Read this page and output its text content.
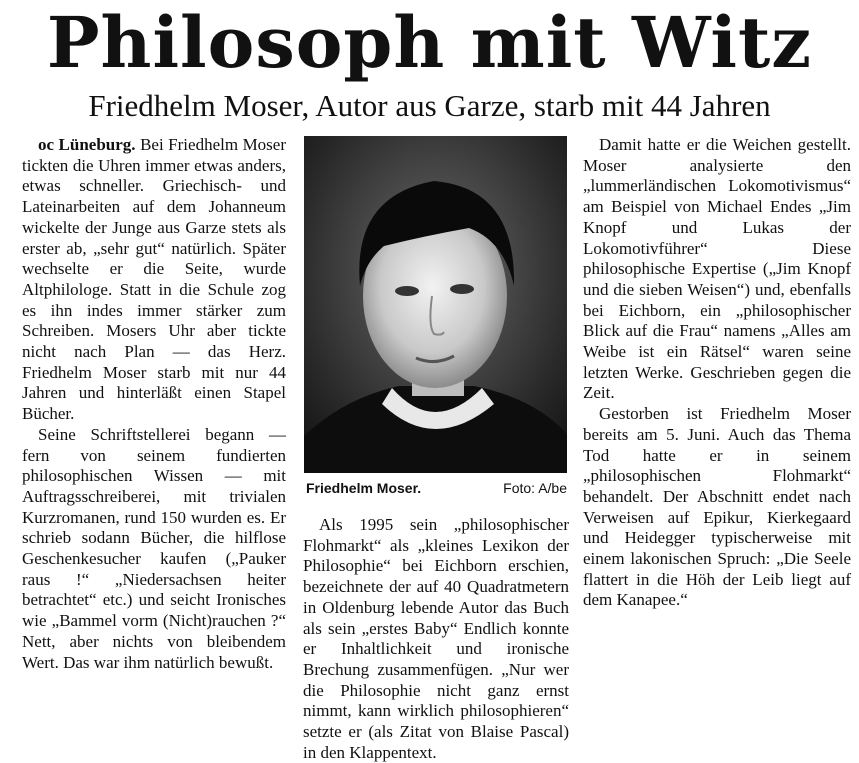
Philosoph mit Witz
Friedhelm Moser, Autor aus Garze, starb mit 44 Jahren

oc Lüneburg. Bei Friedhelm Moser tickten die Uhren immer etwas anders, etwas schneller. Griechisch- und Lateinarbeiten auf dem Johanneum wickelte der Junge aus Garze stets als erster ab, „sehr gut“ natürlich. Später wechselte er die Seite, wurde Altphilologe. Statt in die Schule zog es ihn indes immer stärker zum Schreiben. Mosers Uhr aber tickte nicht nach Plan — das Herz. Friedhelm Moser starb mit nur 44 Jahren und hinterläßt einen Stapel Bücher.

Seine Schriftstellerei begann — fern von seinem fundierten philosophischen Wissen — mit Auftragsschreiberei, mit trivialen Kurzromanen, rund 150 wurden es. Er schrieb sodann Bücher, die hilflose Geschenkesucher kaufen („Pauker raus !“ „Niedersachsen heiter betrachtet“ etc.) und seicht Ironisches wie „Bammel vorm (Nicht)rauchen ?“ Nett, aber nichts von bleibendem Wert. Das war ihm natürlich bewußt.

Friedhelm Moser.	Foto: A/be

Als 1995 sein „philosophischer Flohmarkt“ als „kleines Lexikon der Philosophie“ bei Eichborn erschien, bezeichnete der auf 40 Quadratmetern in Oldenburg lebende Autor das Buch als sein „erstes Baby“ Endlich konnte er Inhaltlichkeit und ironische Brechung zusammenfügen. „Nur wer die Philosophie nicht ganz ernst nimmt, kann wirklich philosophieren“ setzte er (als Zitat von Blaise Pascal) in den Klappentext.

Damit hatte er die Weichen gestellt. Moser analysierte den „lummerländischen Lokomotivismus“ am Beispiel von Michael Endes „Jim Knopf und Lukas der Lokomotivführer“ Diese philosophische Expertise („Jim Knopf und die sieben Weisen“) und, ebenfalls bei Eichborn, ein „philosophischer Blick auf die Frau“ namens „Alles am Weibe ist ein Rätsel“ waren seine letzten Werke. Geschrieben gegen die Zeit.

Gestorben ist Friedhelm Moser bereits am 5. Juni. Auch das Thema Tod hatte er in seinem „philosophischen Flohmarkt“ behandelt. Der Abschnitt endet nach Verweisen auf Epikur, Kierkegaard und Heidegger typischerweise mit einem lakonischen Spruch: „Die Seele flattert in die Höh der Leib liegt auf dem Kanapee.“
